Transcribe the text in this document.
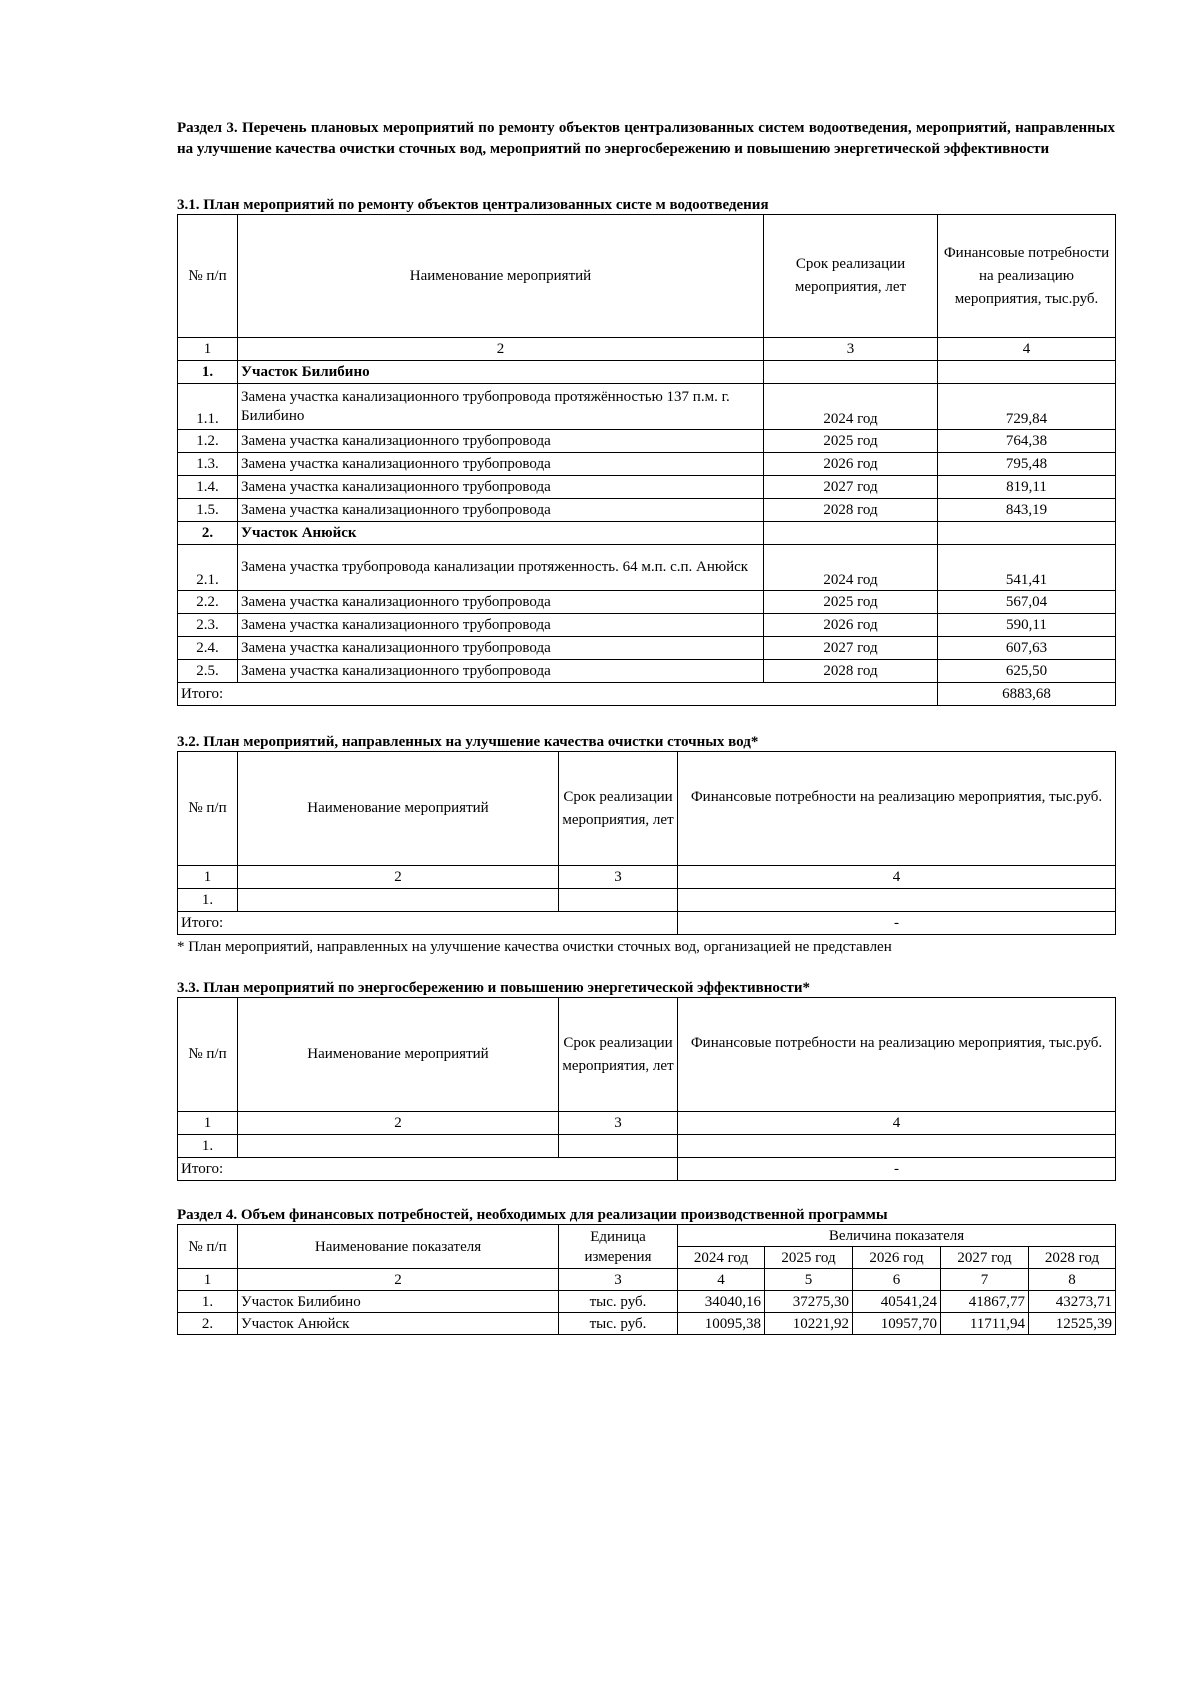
Раздел 3. Перечень плановых мероприятий по ремонту объектов централизованных систем водоотведения, мероприятий, направленных на улучшение качества очистки сточных вод, мероприятий по энергосбережению и повышению энергетической эффективности

3.1. План мероприятий по ремонту объектов централизованных систе м водоотведения

№ п/п	Наименование мероприятий	Срок реализации мероприятия, лет	Финансовые потребности на реализацию мероприятия, тыс.руб.
1	2	3	4
1.	Участок Билибино		
1.1.	Замена участка канализационного трубопровода протяжённостью 137 п.м. г. Билибино	2024 год	729,84
1.2.	Замена участка канализационного трубопровода	2025 год	764,38
1.3.	Замена участка канализационного трубопровода	2026 год	795,48
1.4.	Замена участка канализационного трубопровода	2027 год	819,11
1.5.	Замена участка канализационного трубопровода	2028 год	843,19
2.	Участок Анюйск		
2.1.	Замена участка трубопровода канализации протяженность. 64 м.п. с.п. Анюйск	2024 год	541,41
2.2.	Замена участка канализационного трубопровода	2025 год	567,04
2.3.	Замена участка канализационного трубопровода	2026 год	590,11
2.4.	Замена участка канализационного трубопровода	2027 год	607,63
2.5.	Замена участка канализационного трубопровода	2028 год	625,50
Итого:			6883,68

3.2. План мероприятий, направленных на улучшение качества очистки сточных вод*

№ п/п	Наименование мероприятий	Срок реализации мероприятия, лет	Финансовые потребности на реализацию мероприятия, тыс.руб.
1	2	3	4
1.			
Итого:			-

* План мероприятий, направленных на улучшение качества очистки сточных вод, организацией не представлен

3.3. План мероприятий по энергосбережению и повышению энергетической эффективности*

№ п/п	Наименование мероприятий	Срок реализации мероприятия, лет	Финансовые потребности на реализацию мероприятия, тыс.руб.
1	2	3	4
1.			
Итого:			-

Раздел 4. Объем финансовых потребностей, необходимых для реализации производственной программы

№ п/п	Наименование показателя	Единица измерения	Величина показателя				
			2024 год	2025 год	2026 год	2027 год	2028 год
1	2	3	4	5	6	7	8
1.	Участок Билибино	тыс. руб.	34040,16	37275,30	40541,24	41867,77	43273,71
2.	Участок Анюйск	тыс. руб.	10095,38	10221,92	10957,70	11711,94	12525,39
